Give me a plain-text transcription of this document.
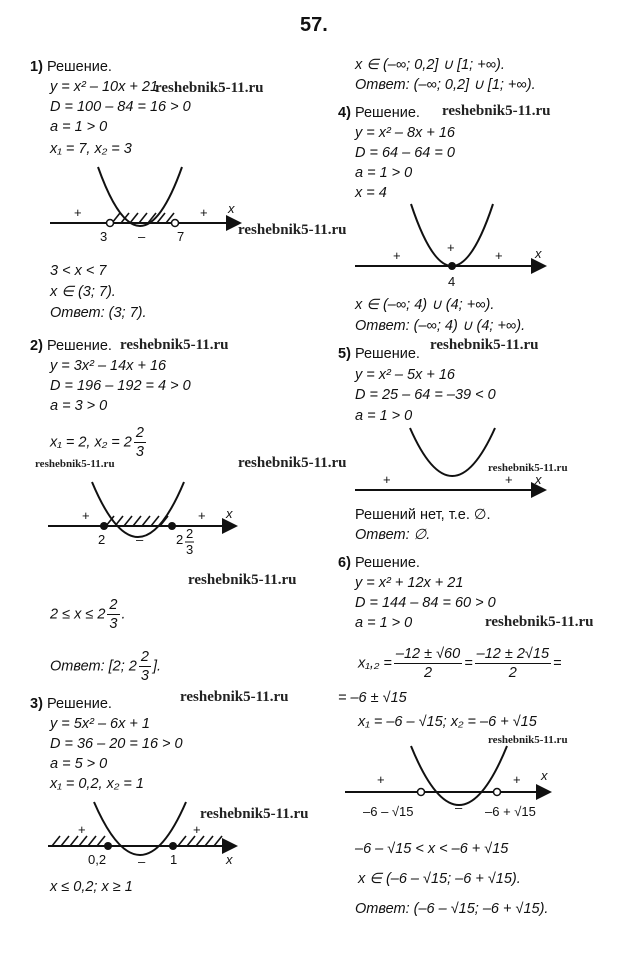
57.
1) Решение.
y = x² – 10x + 21
D = 100 – 84 = 16 > 0
a = 1 > 0
x₁ = 7, x₂ = 3
+
–
+ x
3	7
3 < x < 7
x ∈ (3; 7).
Ответ: (3; 7).
2) Решение.
y = 3x² – 14x + 16
D = 196 – 192 = 4 > 0
a = 3 > 0
x₁ = 2, $x_2 = 2 \frac{2}{3}$
+
–
+ x
2	2 2
3
$2 \le x \le 2 \frac{2}{3}$ .
Ответ: [2; $2 \frac{2}{3}$ ].
3) Решение.
y = 5x² – 6x + 1
D = 36 – 20 = 16 > 0
a = 5 > 0
x₁ = 0,2, x₂ = 1
+
–
+
x
0,2	1
x ≤ 0,2; x ≥ 1
x ∈ (–∞; 0,2] ∪ [1; +∞).
Ответ: (–∞; 0,2] ∪ [1; +∞).
4) Решение.
y = x² – 8x + 16
D = 64 – 64 = 0
a = 1 > 0
x = 4
+
+
+ x
4
x ∈ (–∞; 4) ∪ (4; +∞).
Ответ: (–∞; 4) ∪ (4; +∞).
5) Решение.
y = x² – 5x + 16
D = 25 – 64 = –39 < 0
a = 1 > 0
+	+ x
Решений нет, т.е. ∅.
Ответ: ∅.
6) Решение.
y = x² + 12x + 21
D = 144 – 84 = 60 > 0
a = 1 > 0
$x_1,_2 = \frac{-12 \pm √60}{2} = \frac{-12 \pm 2√15}{2}$ =
= –6 ± √15
x₁ = –6 – √15; x₂ = –6 + √15
+
–
+ x
–6 – √15	–6 + √15
–6 – √15 < x < –6 + √15
x ∈ (–6 – √15; –6 + √15).
Ответ: (–6 – √15; –6 + √15).
reshebnik5-11.ru
reshebnik5-11.ru
reshebnik5-11.ru
reshebnik5-11.ru	reshebnik5-11.ru
reshebnik5-11.ru	reshebnik5-11.ru	reshebnik5-11.ru
reshebnik5-11.ru
reshebnik5-11.ru
reshebnik5-11.ru
reshebnik5-11.ru
reshebnik5-11.ru
